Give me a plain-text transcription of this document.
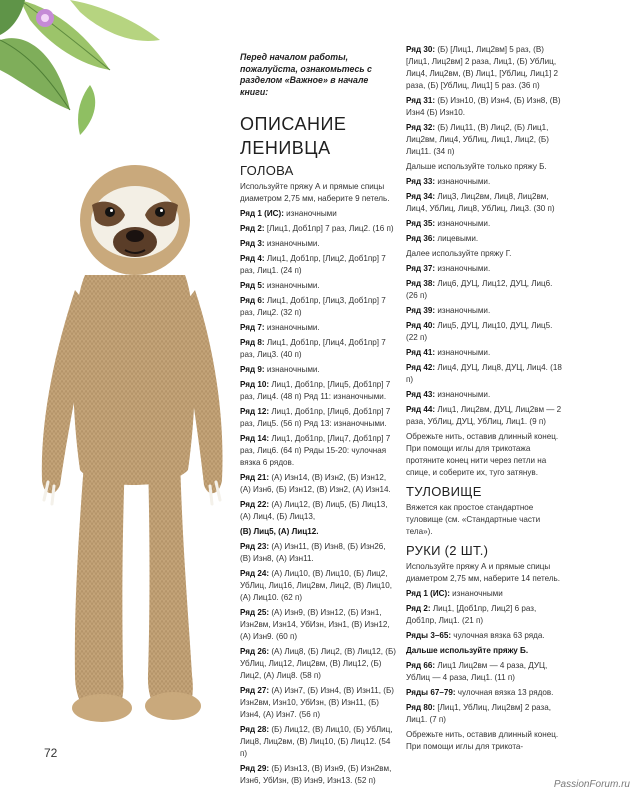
Перед началом работы, пожалуйста, ознакомьтесь с разделом «Важное» в начале книги:
ОПИСАНИЕ
ЛЕНИВЦА
ГОЛОВА
Используйте пряжу А и прямые спицы диаметром 2,75 мм, наберите 9 петель.
Ряд 1 (ИС): изнаночными
Ряд 2: [Лиц1, Доб1пр] 7 раз, Лиц2. (16 п)
Ряд 3: изнаночными.
Ряд 4: Лиц1, Доб1пр, [Лиц2, Доб1пр] 7 раз, Лиц1. (24 п)
Ряд 5: изнаночными.
Ряд 6: Лиц1, Доб1пр, [Лиц3, Доб1пр] 7 раз, Лиц2. (32 п)
Ряд 7: изнаночными.
Ряд 8: Лиц1, Доб1пр, [Лиц4, Доб1пр] 7 раз, Лиц3. (40 п)
Ряд 9: изнаночными.
Ряд 10: Лиц1, Доб1пр, [Лиц5, Доб1пр] 7 раз, Лиц4. (48 п) Ряд 11: изнаночными.
Ряд 12: Лиц1, Доб1пр, [Лиц6, Доб1пр] 7 раз, Лиц5. (56 п) Ряд 13: изнаночными.
Ряд 14: Лиц1, Доб1пр, [Лиц7, Доб1пр] 7 раз, Лиц6. (64 п) Ряды 15-20: чулочная вязка 6 рядов.
Ряд 21: (А) Изн14, (В) Изн2, (Б) Изн12, (А) Изн6, (Б) Изн12, (В) Изн2, (А) Изн14.
Ряд 22: (А) Лиц12, (В) Лиц5, (Б) Лиц13, (А) Лиц4, (Б) Лиц13,
(В) Лиц5, (А) Лиц12.
Ряд 23: (А) Изн11, (В) Изн8, (Б) Изн26, (В) Изн8, (А) Изн11.
Ряд 24: (А) Лиц10, (В) Лиц10, (Б) Лиц2, УбЛиц, Лиц16, Лиц2вм, Лиц2, (В) Лиц10, (А) Лиц10. (62 п)
Ряд 25: (А) Изн9, (В) Изн12, (Б) Изн1, Изн2вм, Изн14, УбИзн, Изн1, (В) Изн12, (А) Изн9. (60 п)
Ряд 26: (А) Лиц8, (Б) Лиц2, (В) Лиц12, (Б) УбЛиц, Лиц12, Лиц2вм, (В) Лиц12, (Б) Лиц2, (А) Лиц8. (58 п)
Ряд 27: (А) Изн7, (Б) Изн4, (В) Изн11, (Б) Изн2вм, Изн10, УбИзн, (В) Изн11, (Б) Изн4, (А) Изн7. (56 п)
Ряд 28: (Б) Лиц12, (В) Лиц10, (Б) УбЛиц, Лиц8, Лиц2вм, (В) Лиц10, (Б) Лиц12. (54 п)
Ряд 29: (Б) Изн13, (В) Изн9, (Б) Изн2вм, Изн6, УбИзн, (В) Изн9, Изн13. (52 п)
Ряд 30: (Б) [Лиц1, Лиц2вм] 5 раз, (В) [Лиц1, Лиц2вм] 2 раза, Лиц1, (Б) УбЛиц, Лиц4, Лиц2вм, (В) Лиц1, [УбЛиц, Лиц1] 2 раза, (Б) [УбЛиц, Лиц1] 5 раз. (36 п)
Ряд 31: (Б) Изн10, (В) Изн4, (Б) Изн8, (В) Изн4 (Б) Изн10.
Ряд 32: (Б) Лиц11, (В) Лиц2, (Б) Лиц1, Лиц2вм, Лиц4, УбЛиц, Лиц1, Лиц2, (Б) Лиц11. (34 п)
Дальше используйте только пряжу Б.
Ряд 33: изнаночными.
Ряд 34: Лиц3, Лиц2вм, Лиц8, Лиц2вм, Лиц4, УбЛиц, Лиц8, УбЛиц, Лиц3. (30 п)
Ряд 35: изнаночными.
Ряд 36: лицевыми.
Далее используйте пряжу Г.
Ряд 37: изнаночными.
Ряд 38: Лиц6, ДУЦ, Лиц12, ДУЦ, Лиц6. (26 п)
Ряд 39: изнаночными.
Ряд 40: Лиц5, ДУЦ, Лиц10, ДУЦ, Лиц5. (22 п)
Ряд 41: изнаночными.
Ряд 42: Лиц4, ДУЦ, Лиц8, ДУЦ, Лиц4. (18 п)
Ряд 43: изнаночными.
Ряд 44: Лиц1, Лиц2вм, ДУЦ, Лиц2вм — 2 раза, УбЛиц, ДУЦ, УбЛиц, Лиц1. (9 п)
Обрежьте нить, оставив длинный конец. При помощи иглы для трикотажа протяните конец нити через петли на спице, и соберите их, туго затянув.
ТУЛОВИЩЕ
Вяжется как простое стандартное туловище (см. «Стандартные части тела»).
РУКИ (2 ШТ.)
Используйте пряжу А и прямые спицы диаметром 2,75 мм, наберите 14 петель.
Ряд 1 (ИС): изнаночными
Ряд 2: Лиц1, [Доб1пр, Лиц2] 6 раз, Доб1пр, Лиц1. (21 п)
Ряды 3–65: чулочная вязка 63 ряда.
Дальше используйте пряжу Б.
Ряд 66: Лиц1 Лиц2вм — 4 раза, ДУЦ, УбЛиц — 4 раза, Лиц1. (11 п)
Ряды 67–79: чулочная вязка 13 рядов.
Ряд 80: [Лиц1, УбЛиц, Лиц2вм] 2 раза, Лиц1. (7 п)
Обрежьте нить, оставив длинный конец. При помощи иглы для трикота-
72
PassionForum.ru
